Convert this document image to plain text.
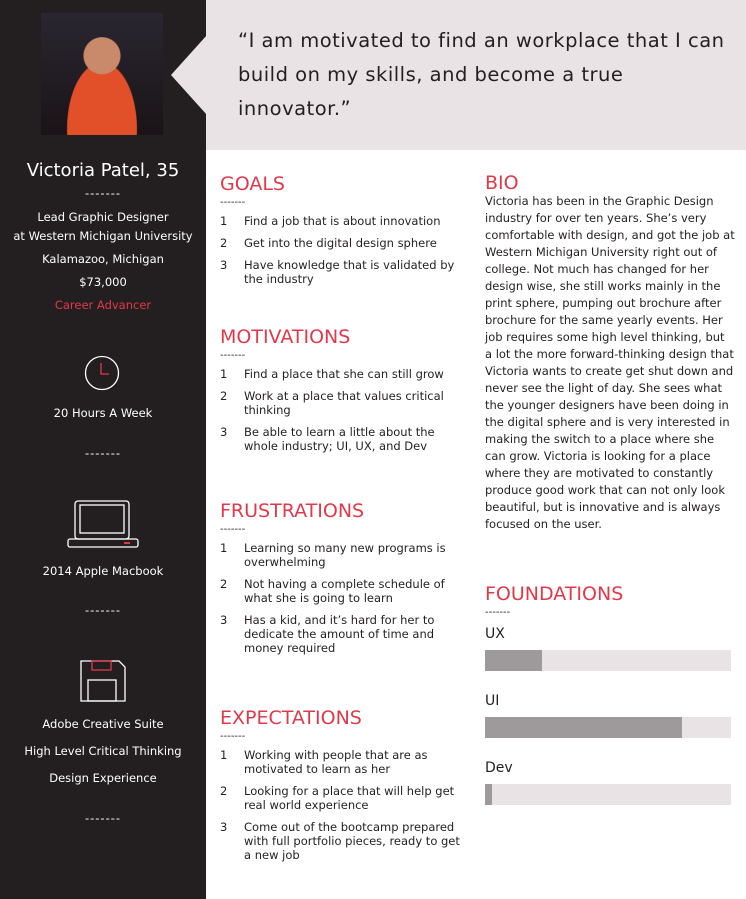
Victoria Patel, 35
-------
Lead Graphic Designer
at Western Michigan University
Kalamazoo, Michigan
$73,000
Career Advancer
20 Hours A Week
-------
2014 Apple Macbook
-------
Adobe Creative Suite
High Level Critical Thinking
Design Experience
-------
“I am motivated to find an workplace that I can build on my skills, and become a true innovator.”
GOALS
-------
1	Find a job that is about innovation
2	Get into the digital design sphere
3	Have knowledge that is validated by the industry
MOTIVATIONS
-------
1	Find a place that she can still grow
2	Work at a place that values critical thinking
3	Be able to learn a little about the whole industry; UI, UX, and Dev
FRUSTRATIONS
-------
1	Learning so many new programs is overwhelming
2	Not having a complete schedule of what she is going to learn
3	Has a kid, and it’s hard for her to dedicate the amount of time and money required
EXPECTATIONS
-------
1	Working with people that are as motivated to learn as her
2	Looking for a place that will help get real world experience
3	Come out of the bootcamp prepared with full portfolio pieces, ready to get a new job
BIO
Victoria has been in the Graphic Design industry for over ten years. She’s very comfortable with design, and got the job at Western Michigan University right out of college. Not much has changed for her design wise, she still works mainly in the print sphere, pumping out brochure after brochure for the same yearly events. Her job requires some high level thinking, but a lot the more forward-thinking design that Victoria wants to create get shut down and never see the light of day. She sees what the younger designers have been doing in the digital sphere and is very interested in making the switch to a place where she can grow. Victoria is looking for a place where they are motivated to constantly produce good work that can not only look beautiful, but is innovative and is always focused on the user.
FOUNDATIONS
-------
UX
UI
Dev
